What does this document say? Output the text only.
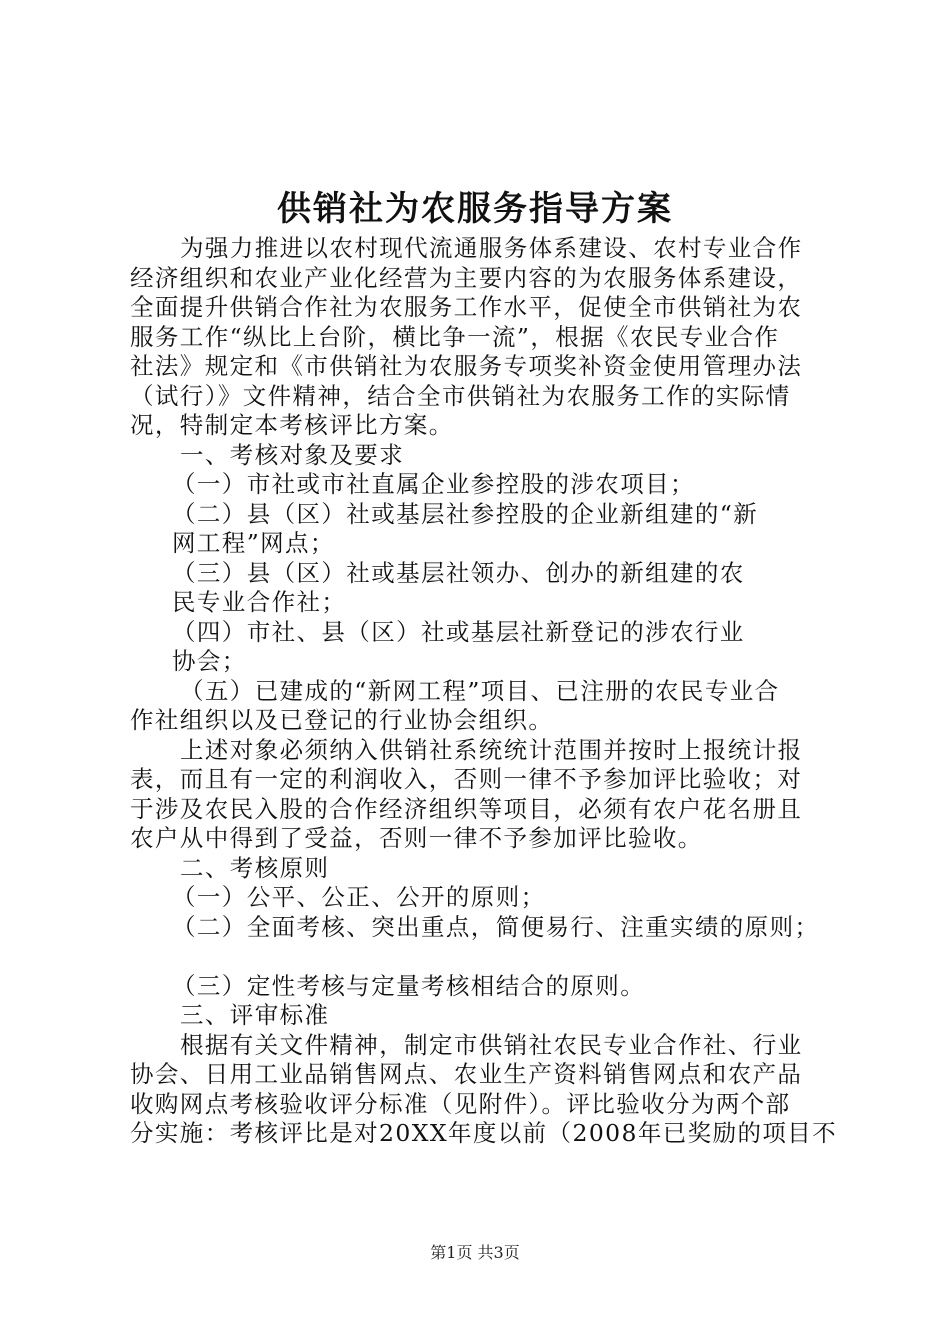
供销社为农服务指导方案
为强力推进以农村现代流通服务体系建设、农村专业合作
经济组织和农业产业化经营为主要内容的为农服务体系建设，
全面提升供销合作社为农服务工作水平，促使全市供销社为农
服务工作“纵比上台阶，横比争一流”，根据《农民专业合作
社法》规定和《市供销社为农服务专项奖补资金使用管理办法
（试行）》文件精神，结合全市供销社为农服务工作的实际情
况，特制定本考核评比方案。
一、考核对象及要求
（一）市社或市社直属企业参控股的涉农项目；
（二）县（区）社或基层社参控股的企业新组建的“新
网工程”网点；
（三）县（区）社或基层社领办、创办的新组建的农
民专业合作社；
（四）市社、县（区）社或基层社新登记的涉农行业
协会；
（五）已建成的“新网工程”项目、已注册的农民专业合
作社组织以及已登记的行业协会组织。
上述对象必须纳入供销社系统统计范围并按时上报统计报
表，而且有一定的利润收入，否则一律不予参加评比验收；对
于涉及农民入股的合作经济组织等项目，必须有农户花名册且
农户从中得到了受益，否则一律不予参加评比验收。
二、考核原则
（一）公平、公正、公开的原则；
（二）全面考核、突出重点，简便易行、注重实绩的原则；
（三）定性考核与定量考核相结合的原则。
三、评审标准
根据有关文件精神，制定市供销社农民专业合作社、行业
协会、日用工业品销售网点、农业生产资料销售网点和农产品
收购网点考核验收评分标准（见附件）。评比验收分为两个部
分实施：考核评比是对20XX年度以前（2008年已奖励的项目不
第1页 共3页
